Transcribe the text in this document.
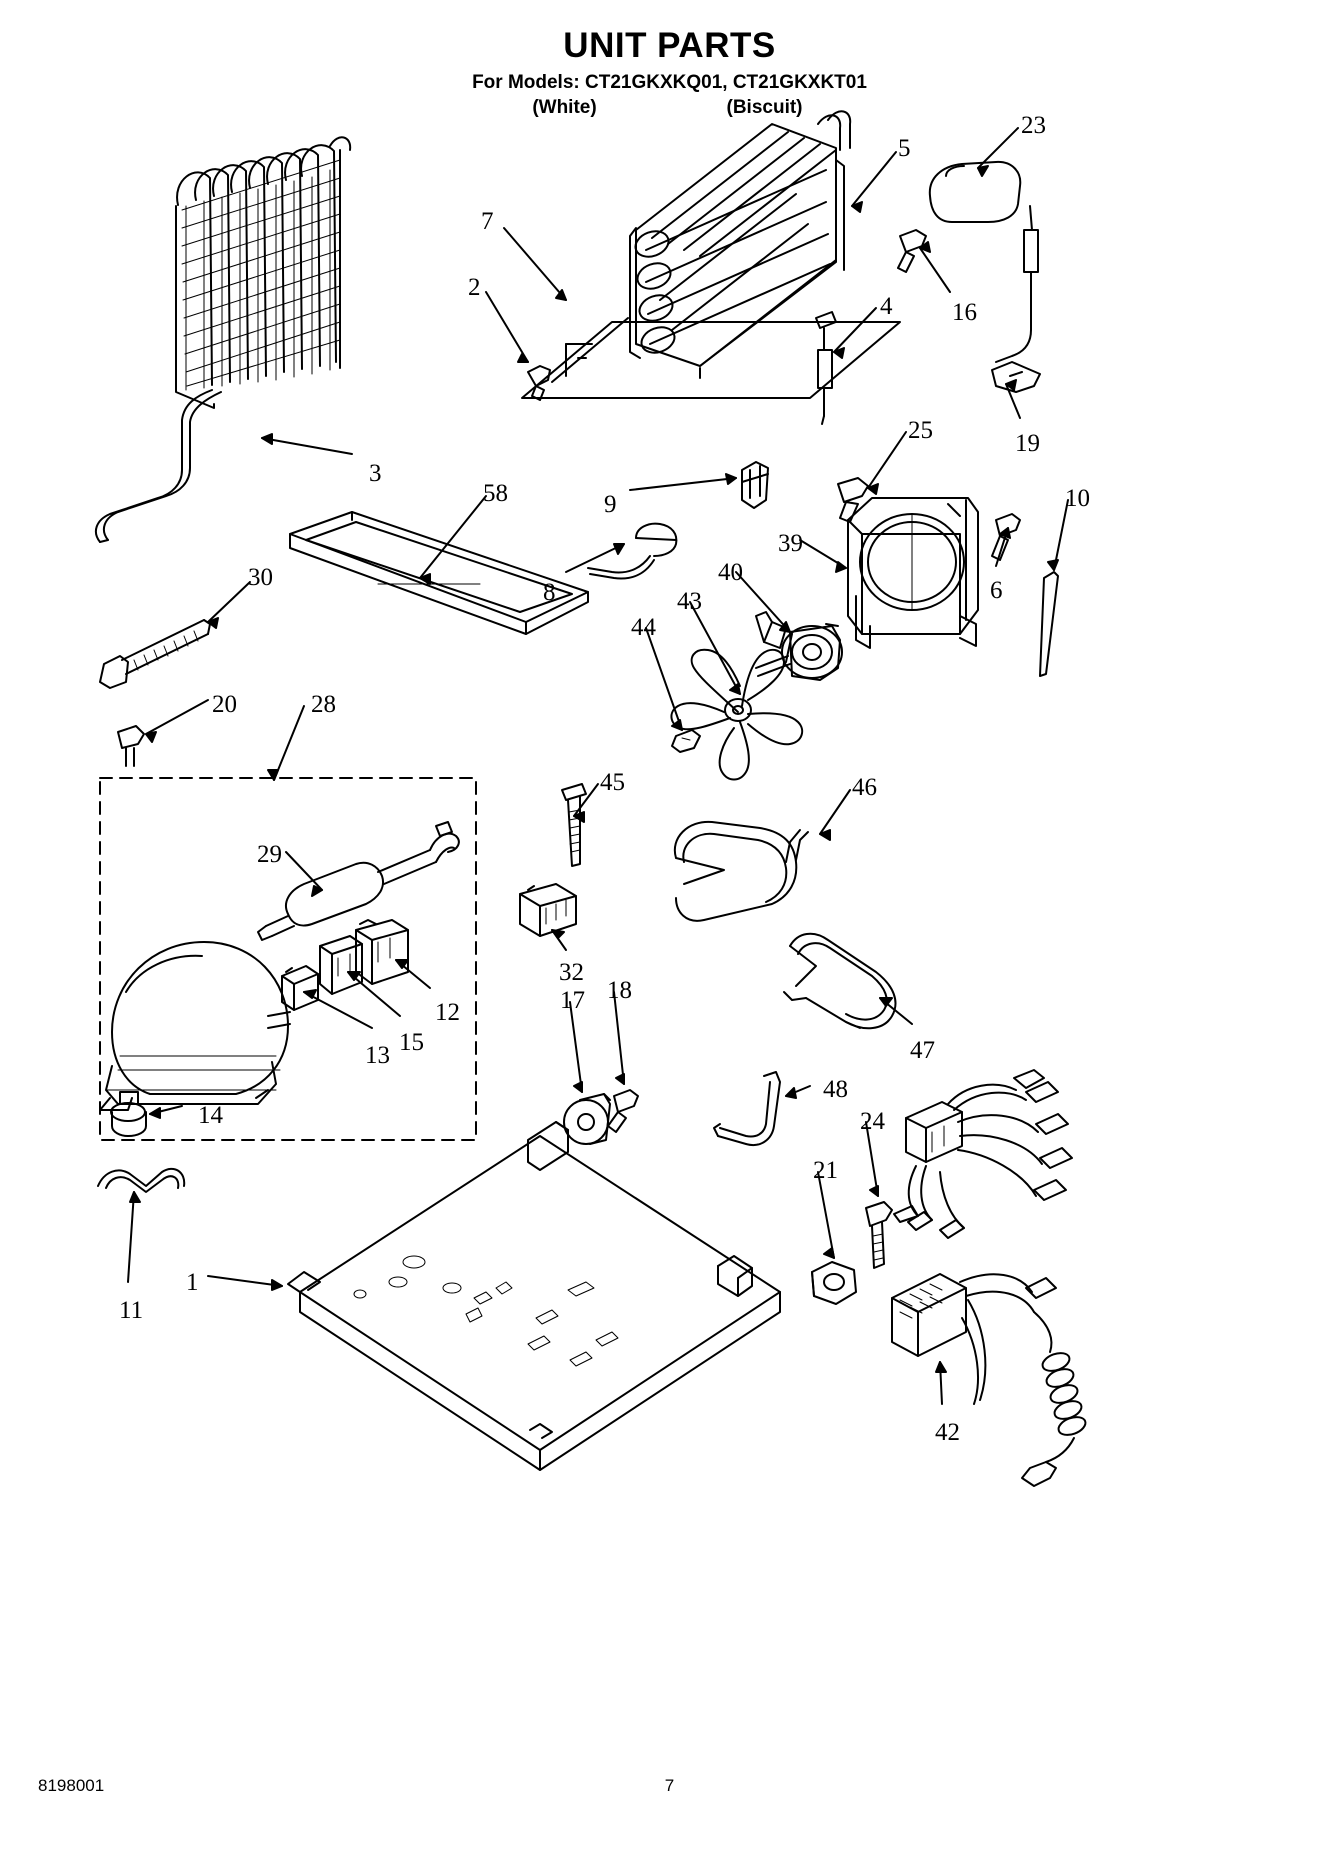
UNIT PARTS
For Models: CT21GKXKQ01, CT21GKXKT01
(White)	(Biscuit)
23
5
7
2
16
4
19
25
3
58	9	10
39
8	6
30	40
43
44
20	28
45	46
29
32
12	17 18
15
13	47
14
48
24
21
1
11
42
8198001	7
